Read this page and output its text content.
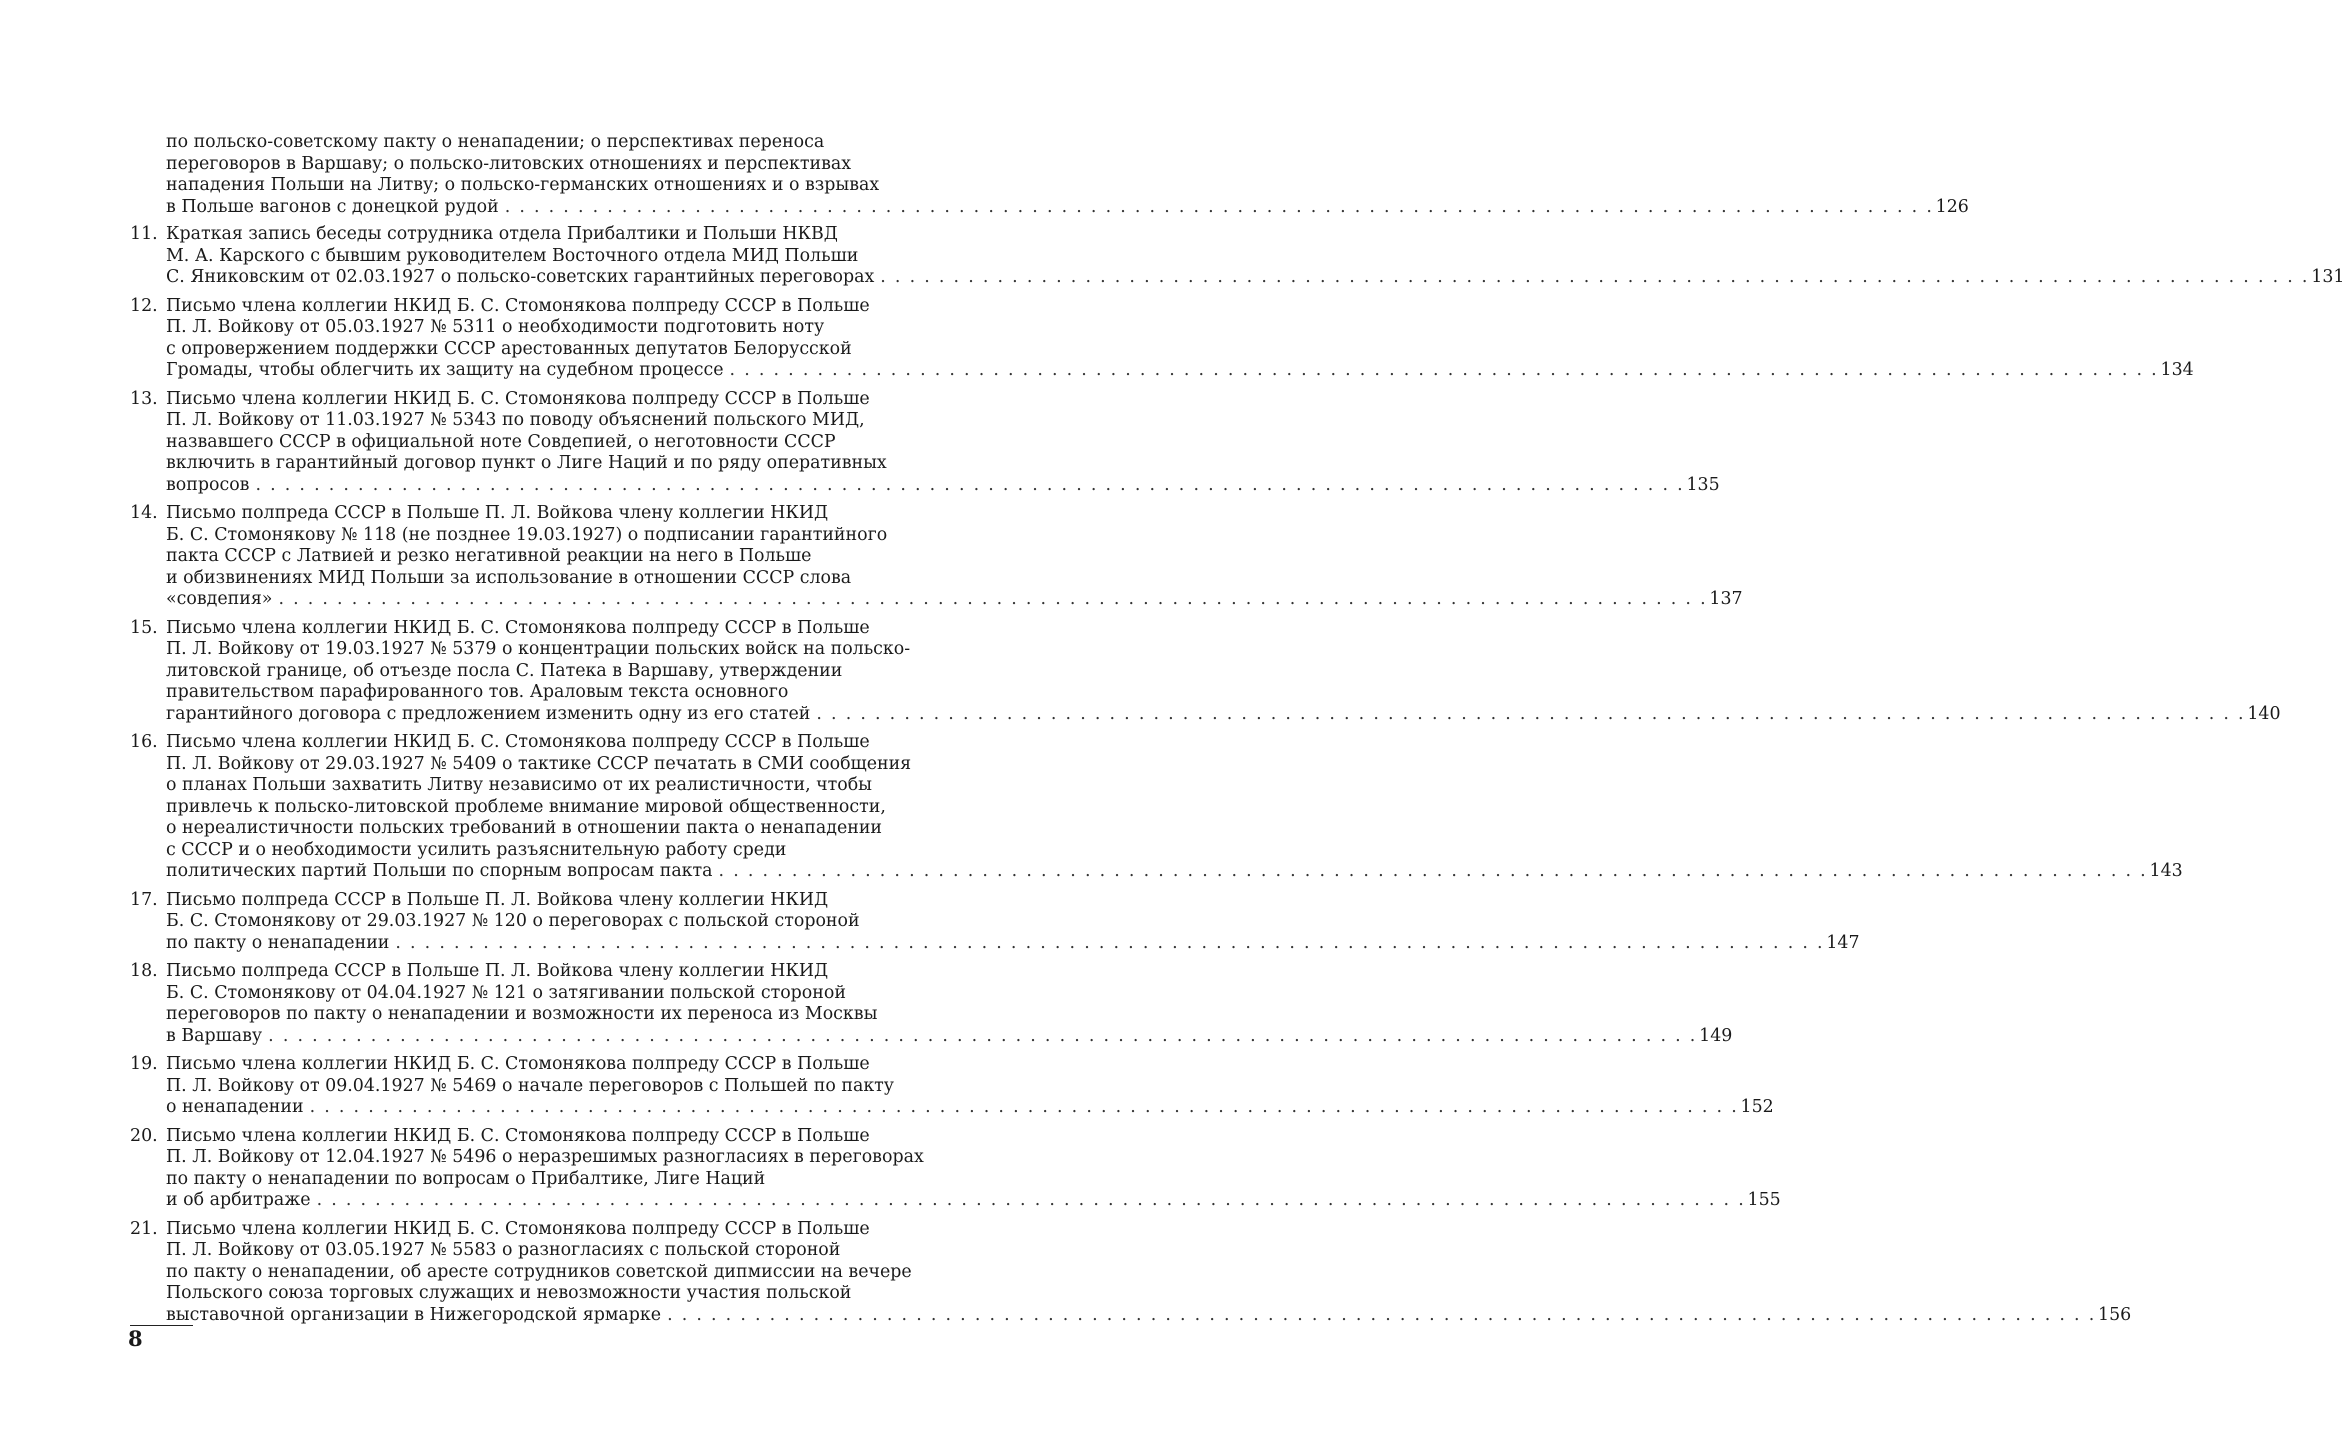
по польско-советскому пакту о ненападении; о перспективах переноса
переговоров в Варшаву; о польско-литовских отношениях и перспективах
нападения Польши на Литву; о польско-германских отношениях и о взрывах
в Польше вагонов с донецкой рудой . . .	126
11. Краткая запись беседы сотрудника отдела Прибалтики и Польши НКВД
М. А. Карского с бывшим руководителем Восточного отдела МИД Польши
С. Яниковским от 02.03.1927 о польско-советских гарантийных переговорах . . .	131
12. Письмо члена коллегии НКИД Б. С. Стомонякова полпреду СССР в Польше
П. Л. Войкову от 05.03.1927 № 5311 о необходимости подготовить ноту
с опровержением поддержки СССР арестованных депутатов Белорусской
Громады, чтобы облегчить их защиту на судебном процессе . . .	134
13. Письмо члена коллегии НКИД Б. С. Стомонякова полпреду СССР в Польше
П. Л. Войкову от 11.03.1927 № 5343 по поводу объяснений польского МИД,
назвавшего СССР в официальной ноте Совдепией, о неготовности СССР
включить в гарантийный договор пункт о Лиге Наций и по ряду оперативных
вопросов . . .	135
14. Письмо полпреда СССР в Польше П. Л. Войкова члену коллегии НКИД
Б. С. Стомонякову № 118 (не позднее 19.03.1927) о подписании гарантийного
пакта СССР с Латвией и резко негативной реакции на него в Польше
и обизвинениях МИД Польши за использование в отношении СССР слова
«совдепия» . . .	137
15. Письмо члена коллегии НКИД Б. С. Стомонякова полпреду СССР в Польше
П. Л. Войкову от 19.03.1927 № 5379 о концентрации польских войск на польско-
литовской границе, об отъезде посла С. Патека в Варшаву, утверждении
правительством парафированного тов. Араловым текста основного
гарантийного договора с предложением изменить одну из его статей . . .	140
16. Письмо члена коллегии НКИД Б. С. Стомонякова полпреду СССР в Польше
П. Л. Войкову от 29.03.1927 № 5409 о тактике СССР печатать в СМИ сообщения
о планах Польши захватить Литву независимо от их реалистичности, чтобы
привлечь к польско-литовской проблеме внимание мировой общественности,
о нереалистичности польских требований в отношении пакта о ненападении
с СССР и о необходимости усилить разъяснительную работу среди
политических партий Польши по спорным вопросам пакта . . .	143
17. Письмо полпреда СССР в Польше П. Л. Войкова члену коллегии НКИД
Б. С. Стомонякову от 29.03.1927 № 120 о переговорах с польской стороной
по пакту о ненападении . . .	147
18. Письмо полпреда СССР в Польше П. Л. Войкова члену коллегии НКИД
Б. С. Стомонякову от 04.04.1927 № 121 о затягивании польской стороной
переговоров по пакту о ненападении и возможности их переноса из Москвы
в Варшаву . . .	149
19. Письмо члена коллегии НКИД Б. С. Стомонякова полпреду СССР в Польше
П. Л. Войкову от 09.04.1927 № 5469 о начале переговоров с Польшей по пакту
о ненападении . . .	152
20. Письмо члена коллегии НКИД Б. С. Стомонякова полпреду СССР в Польше
П. Л. Войкову от 12.04.1927 № 5496 о неразрешимых разногласиях в переговорах
по пакту о ненападении по вопросам о Прибалтике, Лиге Наций
и об арбитраже . . .	155
21. Письмо члена коллегии НКИД Б. С. Стомонякова полпреду СССР в Польше
П. Л. Войкову от 03.05.1927 № 5583 о разногласиях с польской стороной
по пакту о ненападении, об аресте сотрудников советской дипмиссии на вечере
Польского союза торговых служащих и невозможности участия польской
выставочной организации в Нижегородской ярмарке . . .	156
8
